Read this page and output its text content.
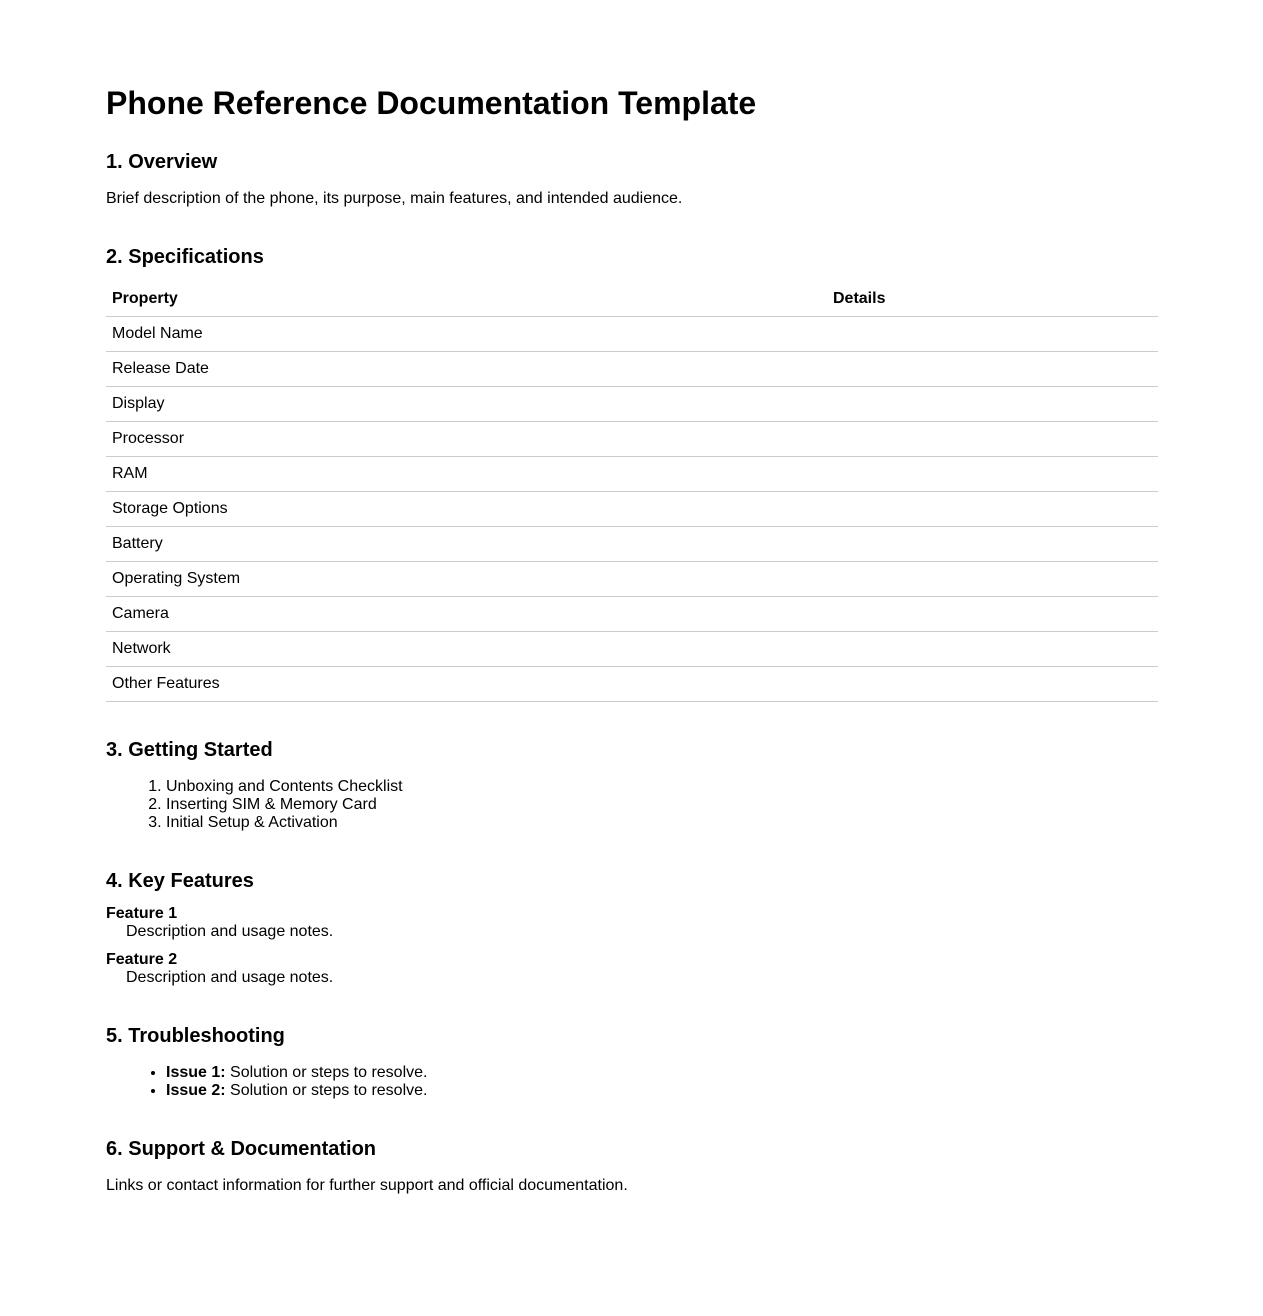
Phone Reference Documentation Template
1. Overview

Brief description of the phone, its purpose, main features, and intended audience.

2. Specifications
Property	Details
Model Name	
Release Date	
Display	
Processor	
RAM	
Storage Options	
Battery	
Operating System	
Camera	
Network	
Other Features	
3. Getting Started
1. Unboxing and Contents Checklist
2. Inserting SIM & Memory Card
3. Initial Setup & Activation
4. Key Features

Feature 1

Description and usage notes.

Feature 2

Description and usage notes.

5. Troubleshooting
• Issue 1: Solution or steps to resolve.
• Issue 2: Solution or steps to resolve.
6. Support & Documentation

Links or contact information for further support and official documentation.
